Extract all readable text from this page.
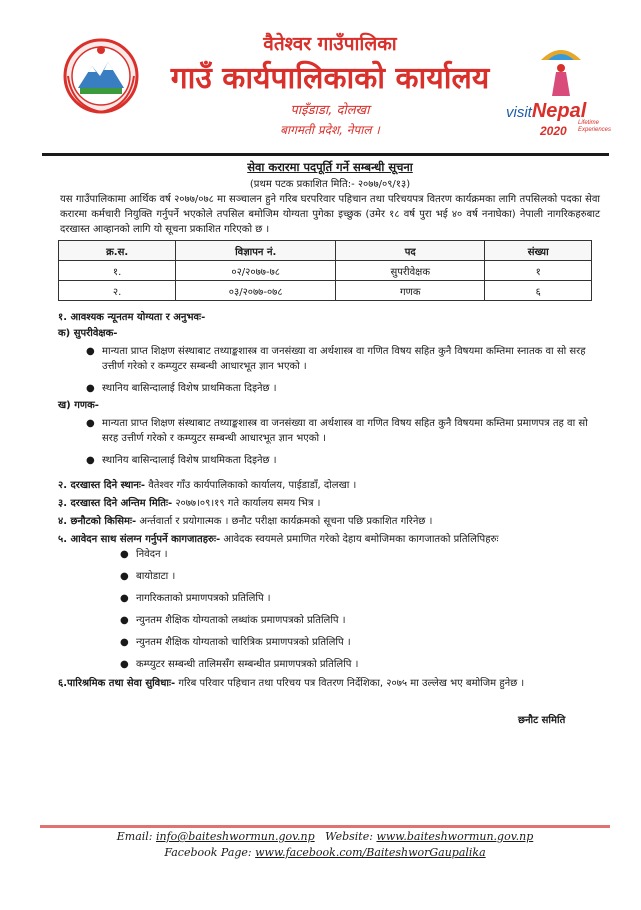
वैतेश्वर गाउँपालिका
गाउँ कार्यपालिकाको कार्यालय
पाइँडाडा, दोलखा
बागमती प्रदेश, नेपाल ।
visitNepal
2020
Lifetime
Experiences
सेवा करारमा पदपूर्ति गर्ने सम्बन्धी सूचना
(प्रथम पटक प्रकाशित मिति:- २०७७/०९/१३)
यस गाउँपालिकामा आर्थिक वर्ष २०७७/०७८ मा सञ्चालन हुने गरिब घरपरिवार पहिचान तथा परिचयपत्र वितरण कार्यक्रमका लागि तपसिलको पदका सेवा करारमा कर्मचारी नियुक्ति गर्नुपर्ने भएकोले तपसिल बमोजिम योग्यता पुगेका इच्छुक (उमेर १८ वर्ष पुरा भई ४० वर्ष ननाघेका) नेपाली नागरिकहरुबाट दरखास्त आव्हानको लागि यो सूचना प्रकाशित गरिएको छ ।
क्र.स.	विज्ञापन नं.	पद	संख्या
१.	०२/२०७७-७८	सुपरीवेक्षक	१
२.	०३/२०७७-०७८	गणक	६
१. आवश्यक न्यूनतम योग्यता र अनुभवः-
क) सुपरीवेक्षक-
● मान्यता प्राप्त शिक्षण संस्थाबाट तथ्याङ्कशास्त्र वा जनसंख्या वा अर्थशास्त्र वा गणित विषय सहित कुनै विषयमा कम्तिमा स्नातक वा सो सरह उत्तीर्ण गरेको र कम्प्युटर सम्बन्धी आधारभूत ज्ञान भएको ।
● स्थानिय बासिन्दालाई विशेष प्राथमिकता दिइनेछ ।
ख) गणक-
● मान्यता प्राप्त शिक्षण संस्थाबाट तथ्याङ्कशास्त्र वा जनसंख्या वा अर्थशास्त्र वा गणित विषय सहित कुनै विषयमा कम्तिमा प्रमाणपत्र तह वा सो सरह उत्तीर्ण गरेको र कम्प्युटर सम्बन्धी आधारभूत ज्ञान भएको ।
● स्थानिय बासिन्दालाई विशेष प्राथमिकता दिइनेछ ।
२. दरखास्त दिने स्थानः- वैतेश्वर गाँउ कार्यपालिकाको कार्यालय, पाईडाडाँ, दोलखा ।
३. दरखास्त दिने अन्तिम मितिः- २०७७।०९।१९ गते कार्यालय समय भित्र ।
४. छनौटको किसिमः- अर्न्तवार्ता र प्रयोगात्मक । छनौट परीक्षा कार्यक्रमको सूचना पछि प्रकाशित गरिनेछ ।
५. आवेदन साथ संलग्न गर्नुपर्ने कागजातहरुः- आवेदक स्वयमले प्रमाणित गरेको देहाय बमोजिमका कागजातको प्रतिलिपिहरुः
● निवेदन ।
● बायोडाटा ।
● नागरिकताको प्रमाणपत्रको प्रतिलिपि ।
● न्युनतम शैक्षिक योग्यताको लब्धांक प्रमाणपत्रको प्रतिलिपि ।
● न्युनतम शैक्षिक योग्यताको चारित्रिक प्रमाणपत्रको प्रतिलिपि ।
● कम्प्युटर सम्बन्धी तालिमसँग सम्बन्धीत प्रमाणपत्रको प्रतिलिपि ।
६.पारिश्रमिक तथा सेवा सुविधाः- गरिब परिवार पहिचान तथा परिचय पत्र वितरण निर्देशिका, २०७५ मा उल्लेख भए बमोजिम हुनेछ ।
छनौट समिति
Email: info@baiteshwormun.gov.np Website: www.baiteshwormun.gov.np
Facebook Page: www.facebook.com/BaiteshworGaupalika
